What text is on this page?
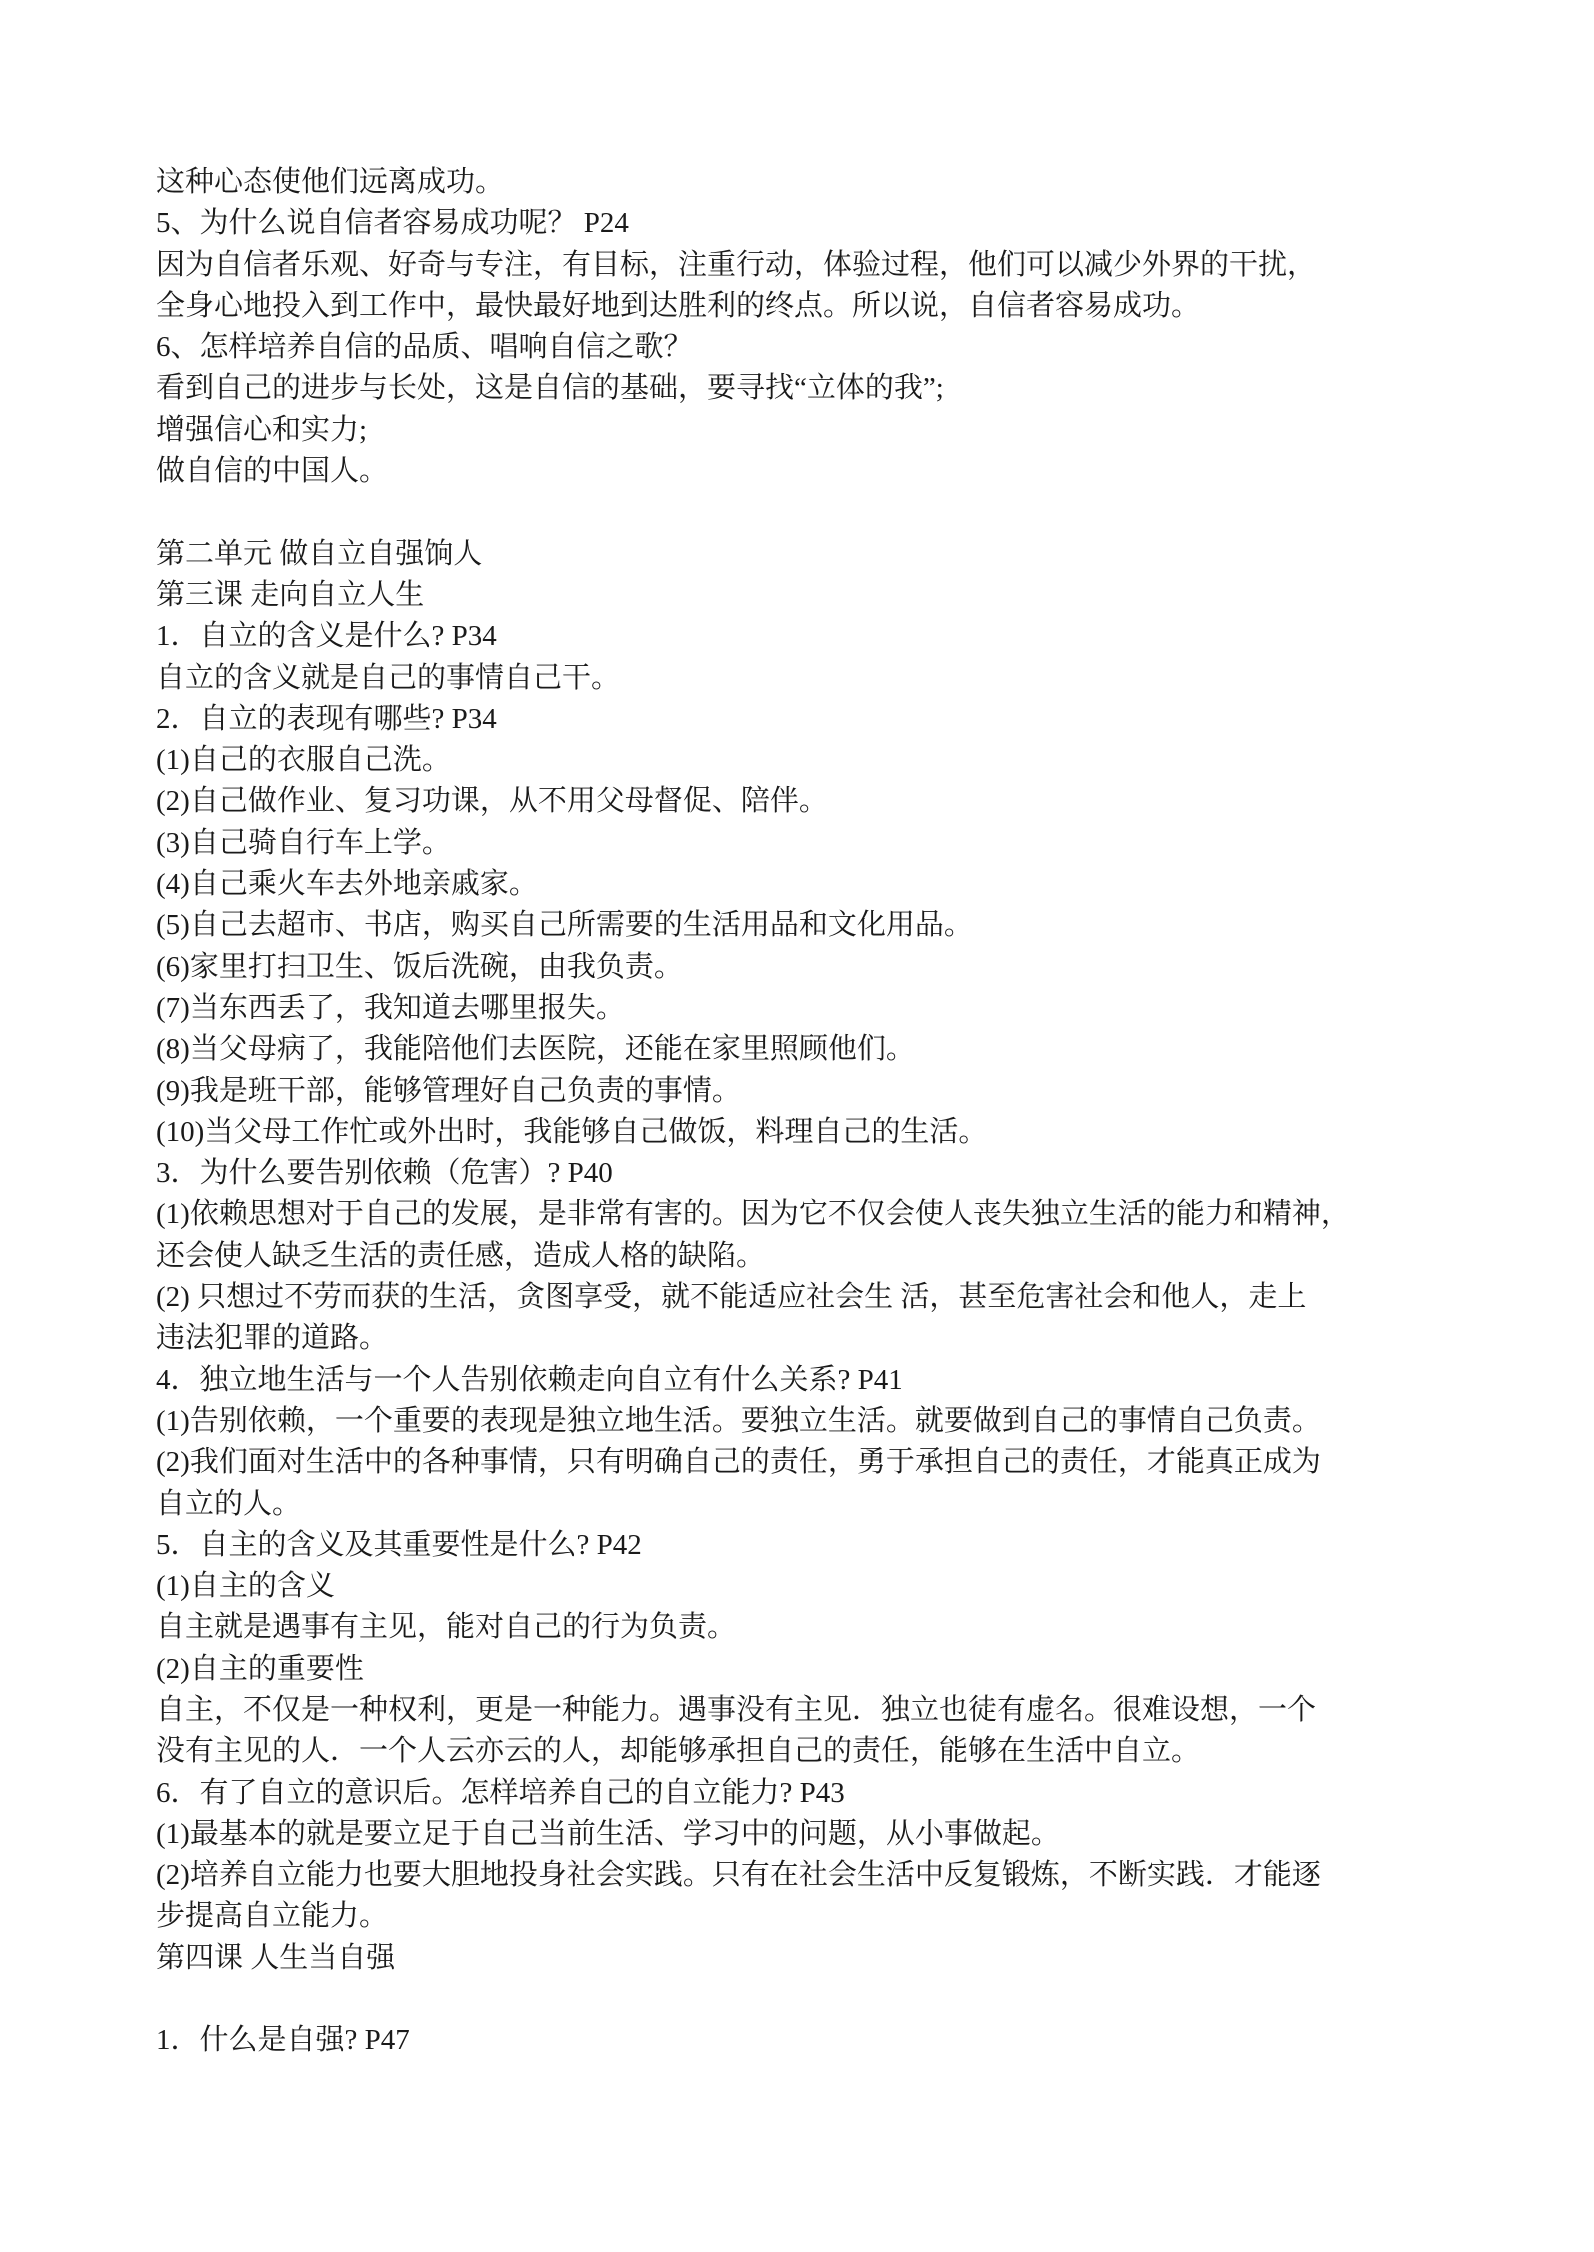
这种心态使他们远离成功。
5、为什么说自信者容易成功呢？ P24
因为自信者乐观、好奇与专注，有目标，注重行动，体验过程，他们可以减少外界的干扰，
全身心地投入到工作中，最快最好地到达胜利的终点。所以说，自信者容易成功。
6、怎样培养自信的品质、唱响自信之歌？
看到自己的进步与长处，这是自信的基础，要寻找“立体的我”;
增强信心和实力;
做自信的中国人。
第二单元 做自立自强饷人
第三课 走向自立人生
1．自立的含义是什么? P34
自立的含义就是自己的事情自己干。
2．自立的表现有哪些? P34
(1)自己的衣服自己洗。
(2)自己做作业、复习功课，从不用父母督促、陪伴。
(3)自己骑自行车上学。
(4)自己乘火车去外地亲戚家。
(5)自己去超市、书店，购买自己所需要的生活用品和文化用品。
(6)家里打扫卫生、饭后洗碗，由我负责。
(7)当东西丢了，我知道去哪里报失。
(8)当父母病了，我能陪他们去医院，还能在家里照顾他们。
(9)我是班干部，能够管理好自己负责的事情。
(10)当父母工作忙或外出时，我能够自己做饭，料理自己的生活。
3．为什么要告别依赖（危害）? P40
(1)依赖思想对于自己的发展，是非常有害的。因为它不仅会使人丧失独立生活的能力和精神，
还会使人缺乏生活的责任感，造成人格的缺陷。
(2) 只想过不劳而获的生活，贪图享受，就不能适应社会生 活，甚至危害社会和他人，走上
违法犯罪的道路。
4．独立地生活与一个人告别依赖走向自立有什么关系? P41
(1)告别依赖，一个重要的表现是独立地生活。要独立生活。就要做到自己的事情自己负责。
(2)我们面对生活中的各种事情，只有明确自己的责任，勇于承担自己的责任，才能真正成为
自立的人。
5．自主的含义及其重要性是什么? P42
(1)自主的含义
自主就是遇事有主见，能对自己的行为负责。
(2)自主的重要性
自主，不仅是一种权利，更是一种能力。遇事没有主见．独立也徒有虚名。很难设想，一个
没有主见的人．一个人云亦云的人，却能够承担自己的责任，能够在生活中自立。
6．有了自立的意识后。怎样培养自己的自立能力? P43
(1)最基本的就是要立足于自己当前生活、学习中的问题，从小事做起。
(2)培养自立能力也要大胆地投身社会实践。只有在社会生活中反复锻炼，不断实践．才能逐
步提高自立能力。
第四课 人生当自强
1．什么是自强? P47
